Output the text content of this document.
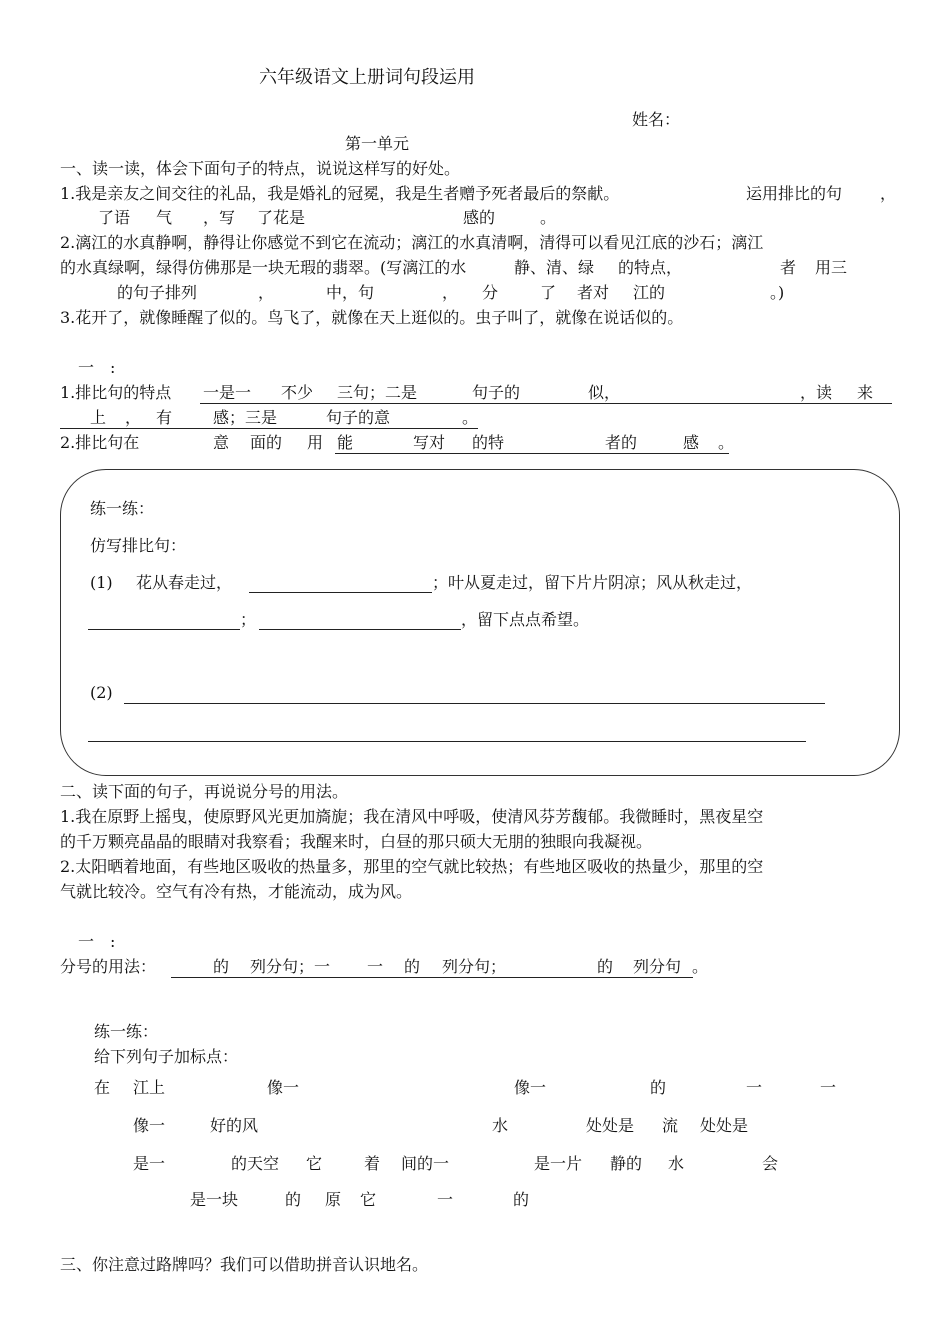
六年级语文上册词句段运用
姓名：
第一单元
一、读一读，体会下面句子的特点，说说这样写的好处。
1.我是亲友之间交往的礼品，我是婚礼的冠冕，我是生者赠予死者最后的祭献。	运用排比的句 ，
了语 气 ，写 了花是	感的	。
2.漓江的水真静啊，静得让你感觉不到它在流动；漓江的水真清啊，清得可以看见江底的沙石；漓江
的水真绿啊，绿得仿佛那是一块无瑕的翡翠。(写漓江的水	静、清、绿 的特点，	者 用三
的句子排列	，	中，句	， 分	了 者对 江的	。)
3.花开了，就像睡醒了似的。鸟飞了，就像在天上逛似的。虫子叫了，就像在说话似的。
一　:
1.排比句的特点 一是一 不少 三句；二是	句子的	似，	，读 来
上 ， 有	感；三是	句子的意	。
2.排比句在	意 面的 用 能	写对 的特	者的	感 。
练一练：
仿写排比句：
(1) 花从春走过，	；叶从夏走过，留下片片阴凉；风从秋走过，
；	，留下点点希望。
(2)
二、读下面的句子，再说说分号的用法。
1.我在原野上摇曳，使原野风光更加旖旎；我在清风中呼吸，使清风芬芳馥郁。我微睡时，黑夜星空
的千万颗亮晶晶的眼睛对我察看；我醒来时，白昼的那只硕大无朋的独眼向我凝视。
2.太阳晒着地面，有些地区吸收的热量多，那里的空气就比较热；有些地区吸收的热量少，那里的空
气就比较冷。空气有冷有热，才能流动，成为风。
一　:
分号的用法：	的 列分句；一 一 的 列分句；	的 列分句 。
练一练：
给下列句子加标点：
在 江上	像一	像一	的	一	一
像一	好的风	水	处处是 流 处处是
是一	的天空 它	着 间的一	是一片 静的 水	会
是一块	的 原 它	一	的
三、你注意过路牌吗？我们可以借助拼音认识地名。
